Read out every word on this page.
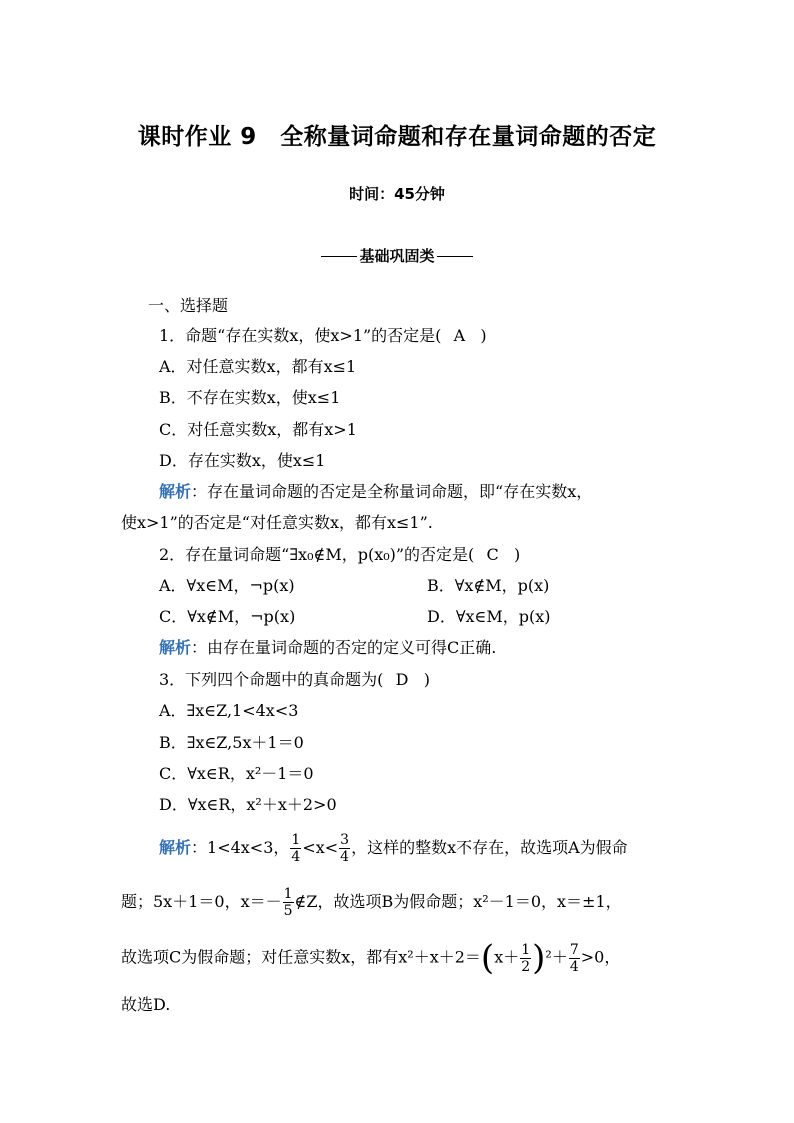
课时作业 9　全称量词命题和存在量词命题的否定
时间：45分钟
基础巩固类
一、选择题
1．命题“存在实数x，使x>1”的否定是( A )
A．对任意实数x，都有x≤1
B．不存在实数x，使x≤1
C．对任意实数x，都有x>1
D．存在实数x，使x≤1
解析：存在量词命题的否定是全称量词命题，即“存在实数x，
使x>1”的否定是“对任意实数x，都有x≤1”.
2．存在量词命题“∃x₀∉M，p(x₀)”的否定是( C )
A．∀x∈M，¬p(x)	B．∀x∉M，p(x)
C．∀x∉M，¬p(x)	D．∀x∈M，p(x)
解析：由存在量词命题的否定的定义可得C正确.
3．下列四个命题中的真命题为( D )
A．∃x∈Z,1<4x<3
B．∃x∈Z,5x＋1＝0
C．∀x∈R，x²－1＝0
D．∀x∈R，x²＋x＋2>0
解析：1<4x<3， $\frac{1}{4} <x< \frac{3}{4}$ ，这样的整数x不存在，故选项A为假命
题；5x＋1＝0，$x=- \frac{1}{5}$ ∉Z，故选项B为假命题；x²－1＝0，x＝±1，
故选项C为假命题；对任意实数x，都有$x^2+x+2=(x+ \frac{1}{2} )^2+ \frac{7}{4} >0$，
故选D.
